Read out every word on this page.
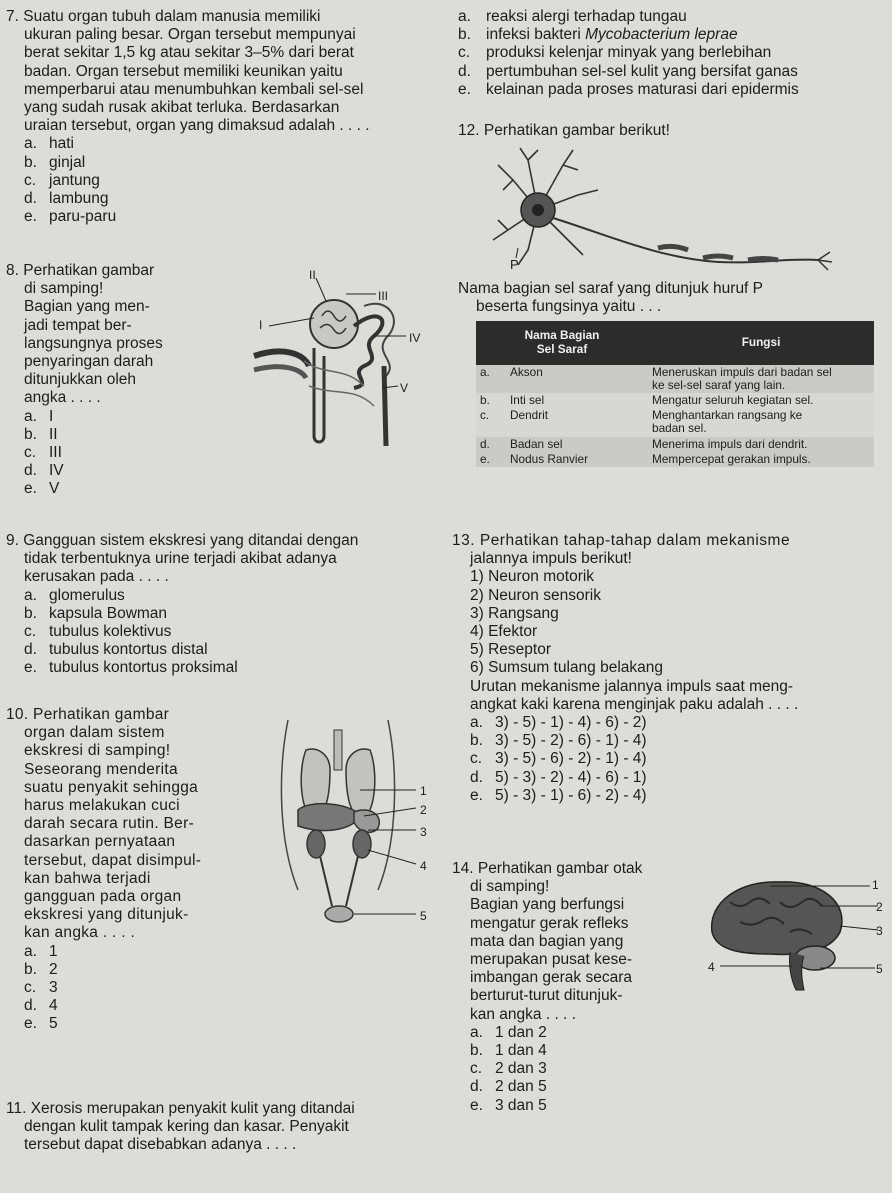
7. Suatu organ tubuh dalam manusia memiliki

ukuran paling besar. Organ tersebut mempunyai

berat sekitar 1,5 kg atau sekitar 3–5% dari berat

badan. Organ tersebut memiliki keunikan yaitu

memperbarui atau menumbuhkan kembali sel-sel

yang sudah rusak akibat terluka. Berdasarkan

uraian tersebut, organ yang dimaksud adalah . . . .

a. hati
b. ginjal
c. jantung
d. lambung
e. paru-paru

8. Perhatikan gambar

di samping!

Bagian yang men-

jadi tempat ber-

langsungnya proses

penyaringan darah

ditunjukkan oleh

angka . . . .

a. I
b. II
c. III
d. IV
e. V
I
II
III
IV
V

9. Gangguan sistem ekskresi yang ditandai dengan

tidak terbentuknya urine terjadi akibat adanya

kerusakan pada . . . .

a. glomerulus
b. kapsula Bowman
c. tubulus kolektivus
d. tubulus kontortus distal
e. tubulus kontortus proksimal

10. Perhatikan gambar

organ dalam sistem

ekskresi di samping!

Seseorang menderita

suatu penyakit sehingga

harus melakukan cuci

darah secara rutin. Ber-

dasarkan pernyataan

tersebut, dapat disimpul-

kan bahwa terjadi

gangguan pada organ

ekskresi yang ditunjuk-

kan angka . . . .

a. 1
b. 2
c. 3
d. 4
e. 5
1
2
3
4
5

11. Xerosis merupakan penyakit kulit yang ditandai

dengan kulit tampak kering dan kasar. Penyakit

tersebut dapat disebabkan adanya . . . .

a. reaksi alergi terhadap tungau
b. infeksi bakteri Mycobacterium leprae
c. produksi kelenjar minyak yang berlebihan
d. pertumbuhan sel-sel kulit yang bersifat ganas
e. kelainan pada proses maturasi dari epidermis

12. Perhatikan gambar berikut!

P

Nama bagian sel saraf yang ditunjuk huruf P

beserta fungsinya yaitu . . .

Nama Bagian
Sel Saraf		Fungsi
a.	Akson	Meneruskan impuls dari badan sel
ke sel-sel saraf yang lain.
b.	Inti sel	Mengatur seluruh kegiatan sel.
c.	Dendrit	Menghantarkan rangsang ke
badan sel.
d.	Badan sel	Menerima impuls dari dendrit.
e.	Nodus Ranvier	Mempercepat gerakan impuls.

13. Perhatikan tahap-tahap dalam mekanisme

jalannya impuls berikut!

1) Neuron motorik

2) Neuron sensorik

3) Rangsang

4) Efektor

5) Reseptor

6) Sumsum tulang belakang

Urutan mekanisme jalannya impuls saat meng-

angkat kaki karena menginjak paku adalah . . . .

a. 3) - 5) - 1) - 4) - 6) - 2)
b. 3) - 5) - 2) - 6) - 1) - 4)
c. 3) - 5) - 6) - 2) - 1) - 4)
d. 5) - 3) - 2) - 4) - 6) - 1)
e. 5) - 3) - 1) - 6) - 2) - 4)

14. Perhatikan gambar otak

di samping!

Bagian yang berfungsi

mengatur gerak refleks

mata dan bagian yang

merupakan pusat kese-

imbangan gerak secara

berturut-turut ditunjuk-

kan angka . . . .

a. 1 dan 2
b. 1 dan 4
c. 2 dan 3
d. 2 dan 5
e. 3 dan 5
1
2
3
4	5
